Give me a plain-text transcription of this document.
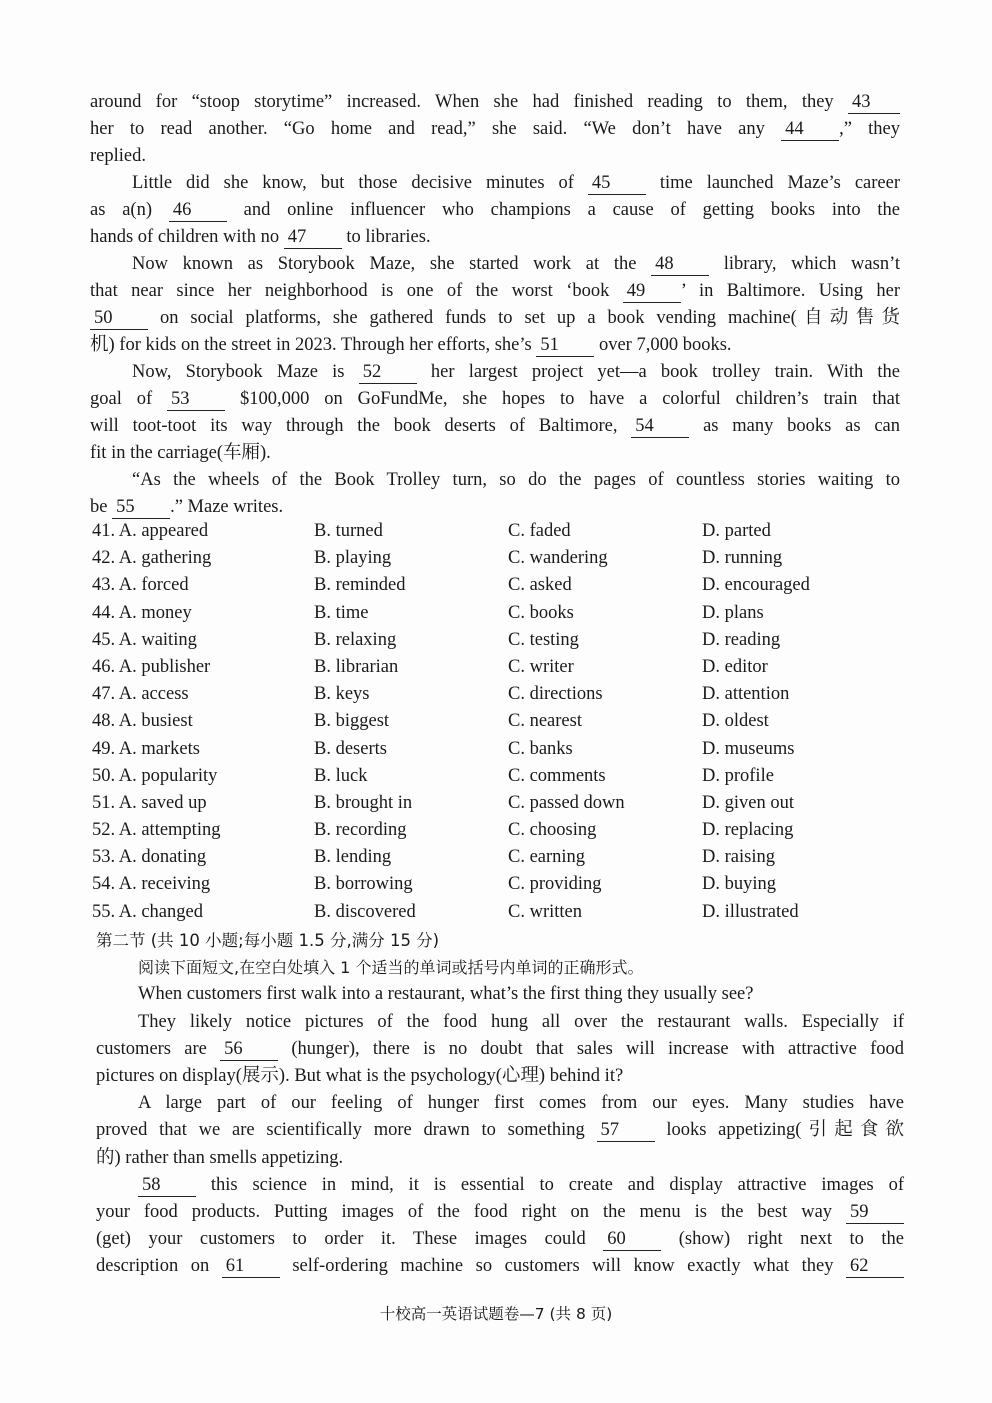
around for “stoop storytime” increased. When she had finished reading to them, they 43
her to read another. “Go home and read,” she said. “We don’t have any 44 ,” they
replied.
Little did she know, but those decisive minutes of 45	time launched Maze’s career
as a(n) 46	and online influencer who champions a cause of getting books into the
hands of children with no 47 to libraries.
Now known as Storybook Maze, she started work at the 48	library, which wasn’t
that near since her neighborhood is one of the worst ‘book 49 ’ in Baltimore. Using her
50	on social platforms, she gathered funds to set up a book vending machine(自动售货
机) for kids on the street in 2023. Through her efforts, she’s 51 over 7,000 books.
Now, Storybook Maze is 52	her largest project yet—a book trolley train. With the
goal of 53	$100,000 on GoFundMe, she hopes to have a colorful children’s train that
will toot-toot its way through the book deserts of Baltimore, 54	as many books as can
fit in the carriage(车厢).
“As the wheels of the Book Trolley turn, so do the pages of countless stories waiting to
be 55 .” Maze writes.
41. A. appeared	B. turned	C. faded	D. parted
42. A. gathering	B. playing	C. wandering	D. running
43. A. forced	B. reminded	C. asked	D. encouraged
44. A. money	B. time	C. books	D. plans
45. A. waiting	B. relaxing	C. testing	D. reading
46. A. publisher	B. librarian	C. writer	D. editor
47. A. access	B. keys	C. directions	D. attention
48. A. busiest	B. biggest	C. nearest	D. oldest
49. A. markets	B. deserts	C. banks	D. museums
50. A. popularity	B. luck	C. comments	D. profile
51. A. saved up	B. brought in	C. passed down	D. given out
52. A. attempting	B. recording	C. choosing	D. replacing
53. A. donating	B. lending	C. earning	D. raising
54. A. receiving	B. borrowing	C. providing	D. buying
55. A. changed	B. discovered	C. written	D. illustrated
第二节 (共 10 小题;每小题 1.5 分,满分 15 分)
阅读下面短文,在空白处填入 1 个适当的单词或括号内单词的正确形式。
When customers first walk into a restaurant, what’s the first thing they usually see?
They likely notice pictures of the food hung all over the restaurant walls. Especially if
customers are 56	(hunger), there is no doubt that sales will increase with attractive food
pictures on display(展示). But what is the psychology(心理) behind it?
A large part of our feeling of hunger first comes from our eyes. Many studies have
proved that we are scientifically more drawn to something 57	looks appetizing(引起食欲
的) rather than smells appetizing.
58	this science in mind, it is essential to create and display attractive images of
your food products. Putting images of the food right on the menu is the best way 59
(get) your customers to order it. These images could 60	(show) right next to the
description on 61	self-ordering machine so customers will know exactly what they 62
十校高一英语试题卷—7 (共 8 页)
